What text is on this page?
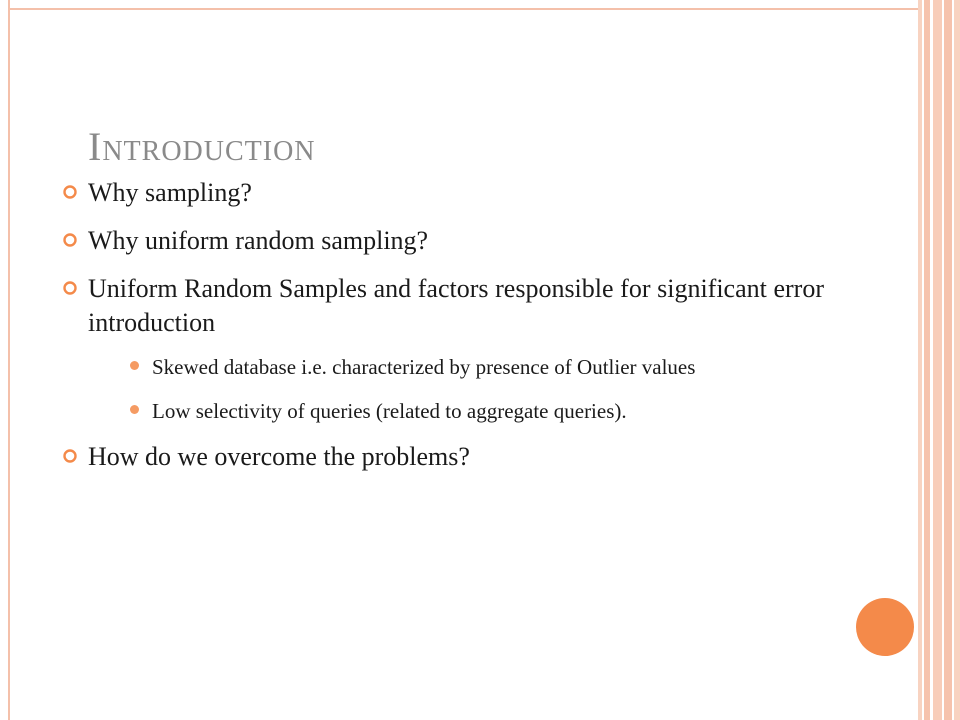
Introduction
Why sampling?
Why uniform random sampling?
Uniform Random Samples and factors responsible for significant error introduction
Skewed database i.e. characterized by presence of Outlier values
Low selectivity of queries (related to aggregate queries).
How do we overcome the problems?
